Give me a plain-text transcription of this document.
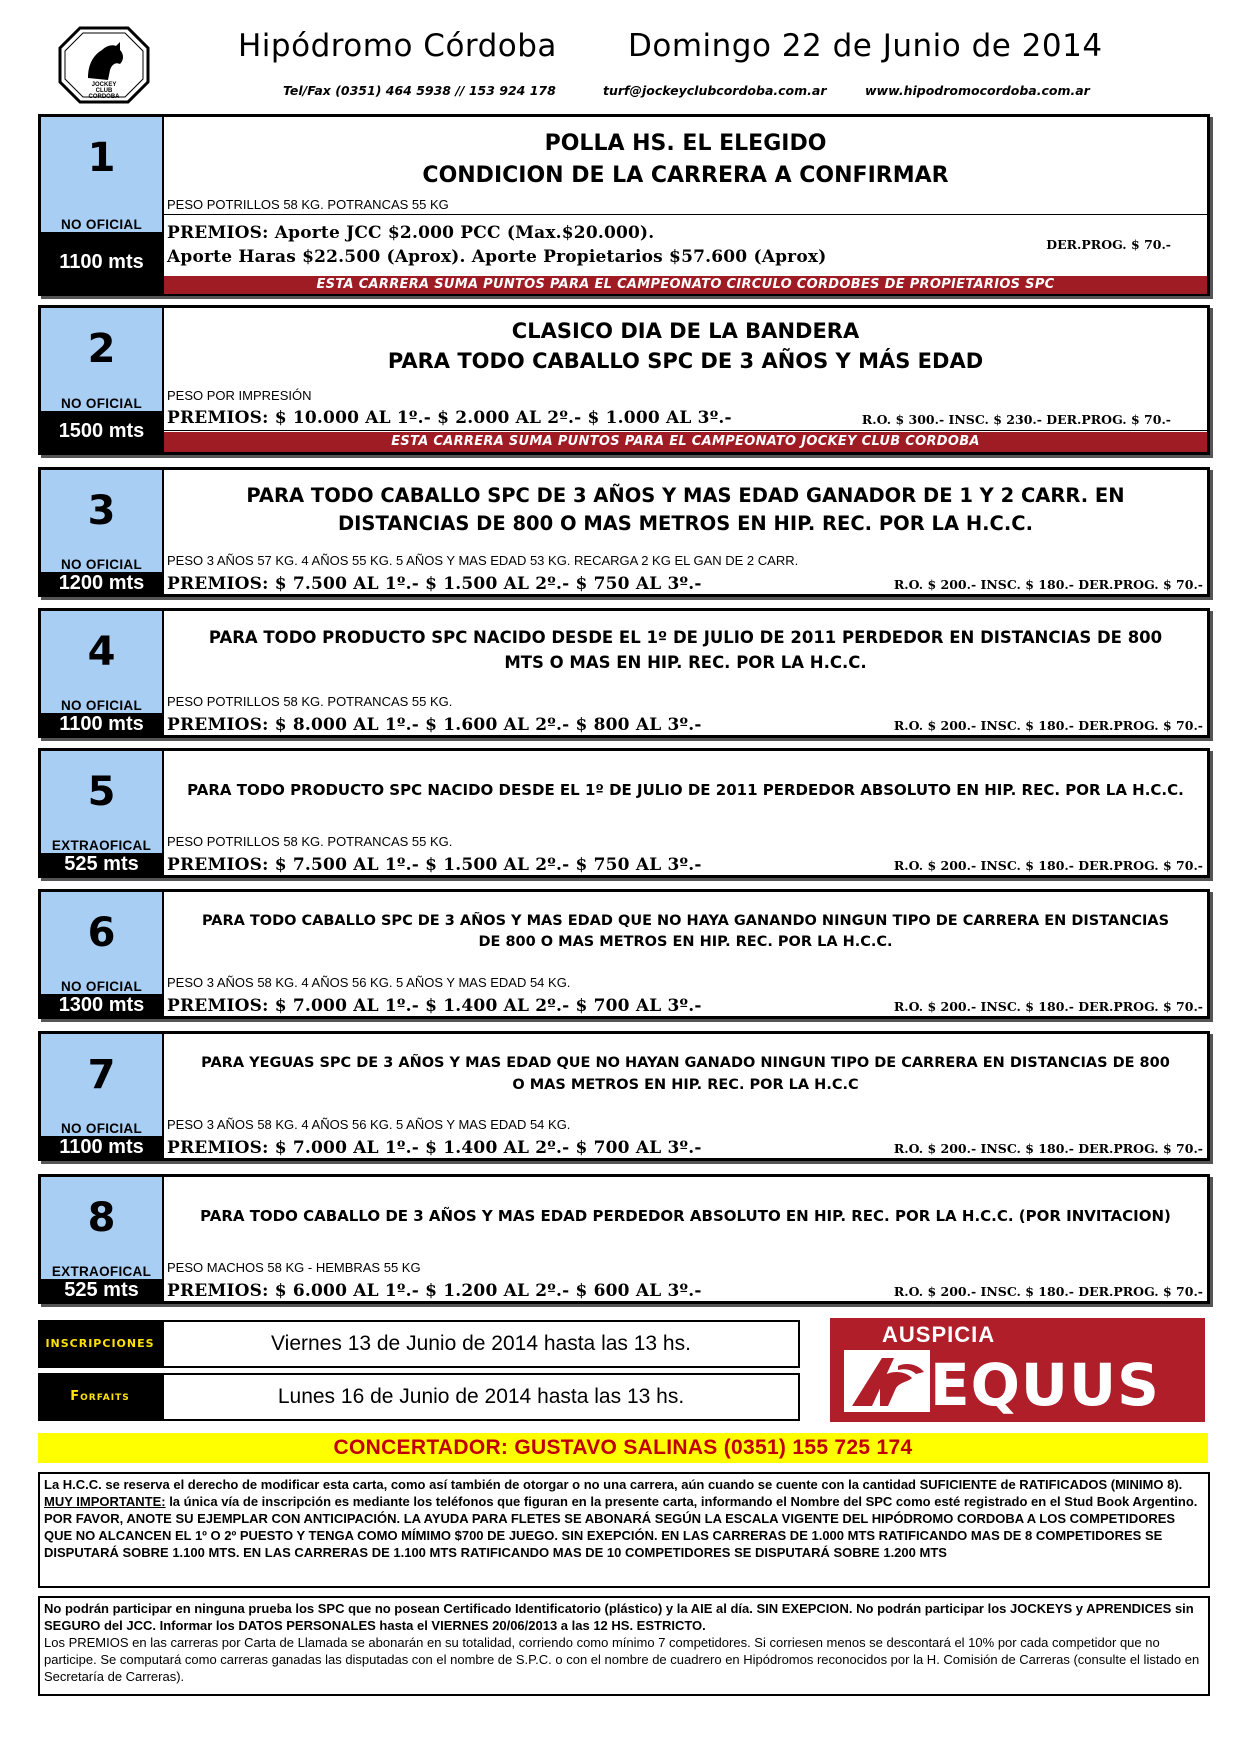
JOCKEY
CLUB
CORDOBA
Hipódromo Córdoba Domingo 22 de Junio de 2014
Tel/Fax (0351) 464 5938 // 153 924 178	turf@jockeyclubcordoba.com.ar	www.hipodromocordoba.com.ar
1
NO OFICIAL
1100 mts
POLLA HS. EL ELEGIDO
CONDICION DE LA CARRERA A CONFIRMAR
PESO POTRILLOS 58 KG. POTRANCAS 55 KG
PREMIOS: Aporte JCC $2.000 PCC (Max.$20.000).
Aporte Haras $22.500 (Aprox). Aporte Propietarios $57.600 (Aprox)
DER.PROG. $ 70.-
ESTA CARRERA SUMA PUNTOS PARA EL CAMPEONATO CIRCULO CORDOBES DE PROPIETARIOS SPC
2
NO OFICIAL
1500 mts
CLASICO DIA DE LA BANDERA
PARA TODO CABALLO SPC DE 3 AÑOS Y MÁS EDAD
PESO POR IMPRESIÓN
PREMIOS: $ 10.000 AL 1º.- $ 2.000 AL 2º.- $ 1.000 AL 3º.-	R.O. $ 300.- INSC. $ 230.- DER.PROG. $ 70.-
ESTA CARRERA SUMA PUNTOS PARA EL CAMPEONATO JOCKEY CLUB CORDOBA
3
NO OFICIAL
1200 mts
PARA TODO CABALLO SPC DE 3 AÑOS Y MAS EDAD GANADOR DE 1 Y 2 CARR. EN
DISTANCIAS DE 800 O MAS METROS EN HIP. REC. POR LA H.C.C.
PESO 3 AÑOS 57 KG. 4 AÑOS 55 KG. 5 AÑOS Y MAS EDAD 53 KG. RECARGA 2 KG EL GAN DE 2 CARR.
PREMIOS: $ 7.500 AL 1º.- $ 1.500 AL 2º.- $ 750 AL 3º.-	R.O. $ 200.- INSC. $ 180.- DER.PROG. $ 70.-
4
NO OFICIAL
1100 mts
PARA TODO PRODUCTO SPC NACIDO DESDE EL 1º DE JULIO DE 2011 PERDEDOR EN DISTANCIAS DE 800
MTS O MAS EN HIP. REC. POR LA H.C.C.
PESO POTRILLOS 58 KG. POTRANCAS 55 KG.
PREMIOS: $ 8.000 AL 1º.- $ 1.600 AL 2º.- $ 800 AL 3º.-	R.O. $ 200.- INSC. $ 180.- DER.PROG. $ 70.-
5
EXTRAOFICAL
525 mts
PARA TODO PRODUCTO SPC NACIDO DESDE EL 1º DE JULIO DE 2011 PERDEDOR ABSOLUTO EN HIP. REC. POR LA H.C.C.
PESO POTRILLOS 58 KG. POTRANCAS 55 KG.
PREMIOS: $ 7.500 AL 1º.- $ 1.500 AL 2º.- $ 750 AL 3º.-	R.O. $ 200.- INSC. $ 180.- DER.PROG. $ 70.-
6
NO OFICIAL
1300 mts
PARA TODO CABALLO SPC DE 3 AÑOS Y MAS EDAD QUE NO HAYA GANANDO NINGUN TIPO DE CARRERA EN DISTANCIAS
DE 800 O MAS METROS EN HIP. REC. POR LA H.C.C.
PESO 3 AÑOS 58 KG. 4 AÑOS 56 KG. 5 AÑOS Y MAS EDAD 54 KG.
PREMIOS: $ 7.000 AL 1º.- $ 1.400 AL 2º.- $ 700 AL 3º.-	R.O. $ 200.- INSC. $ 180.- DER.PROG. $ 70.-
7
NO OFICIAL
1100 mts
PARA YEGUAS SPC DE 3 AÑOS Y MAS EDAD QUE NO HAYAN GANADO NINGUN TIPO DE CARRERA EN DISTANCIAS DE 800
O MAS METROS EN HIP. REC. POR LA H.C.C
PESO 3 AÑOS 58 KG. 4 AÑOS 56 KG. 5 AÑOS Y MAS EDAD 54 KG.
PREMIOS: $ 7.000 AL 1º.- $ 1.400 AL 2º.- $ 700 AL 3º.-	R.O. $ 200.- INSC. $ 180.- DER.PROG. $ 70.-
8
EXTRAOFICAL
525 mts
PARA TODO CABALLO DE 3 AÑOS Y MAS EDAD PERDEDOR ABSOLUTO EN HIP. REC. POR LA H.C.C. (POR INVITACION)
PESO MACHOS 58 KG - HEMBRAS 55 KG
PREMIOS: $ 6.000 AL 1º.- $ 1.200 AL 2º.- $ 600 AL 3º.-	R.O. $ 200.- INSC. $ 180.- DER.PROG. $ 70.-
INSCRIPCIONES	Viernes 13 de Junio de 2014 hasta las 13 hs.
Forfaits	Lunes 16 de Junio de 2014 hasta las 13 hs.
AUSPICIA
EQUUS
CONCERTADOR: GUSTAVO SALINAS (0351) 155 725 174
La H.C.C. se reserva el derecho de modificar esta carta, como así también de otorgar o no una carrera, aún cuando se cuente con la cantidad SUFICIENTE de RATIFICADOS (MINIMO 8). MUY IMPORTANTE: la única vía de inscripción es mediante los teléfonos que figuran en la presente carta, informando el Nombre del SPC como esté registrado en el Stud Book Argentino. POR FAVOR, ANOTE SU EJEMPLAR CON ANTICIPACIÓN. LA AYUDA PARA FLETES SE ABONARÁ SEGÚN LA ESCALA VIGENTE DEL HIPÓDROMO CORDOBA A LOS COMPETIDORES QUE NO ALCANCEN EL 1º O 2º PUESTO Y TENGA COMO MÍMIMO $700 DE JUEGO. SIN EXEPCIÓN. EN LAS CARRERAS DE 1.000 MTS RATIFICANDO MAS DE 8 COMPETIDORES SE DISPUTARÁ SOBRE 1.100 MTS. EN LAS CARRERAS DE 1.100 MTS RATIFICANDO MAS DE 10 COMPETIDORES SE DISPUTARÁ SOBRE 1.200 MTS
No podrán participar en ninguna prueba los SPC que no posean Certificado Identificatorio (plástico) y la AIE al día. SIN EXEPCION. No podrán participar los JOCKEYS y APRENDICES sin SEGURO del JCC. Informar los DATOS PERSONALES hasta el VIERNES 20/06/2013 a las 12 HS. ESTRICTO.
Los PREMIOS en las carreras por Carta de Llamada se abonarán en su totalidad, corriendo como mínimo 7 competidores. Si corriesen menos se descontará el 10% por cada competidor que no participe. Se computará como carreras ganadas las disputadas con el nombre de S.P.C. o con el nombre de cuadrero en Hipódromos reconocidos por la H. Comisión de Carreras (consulte el listado en Secretaría de Carreras).
